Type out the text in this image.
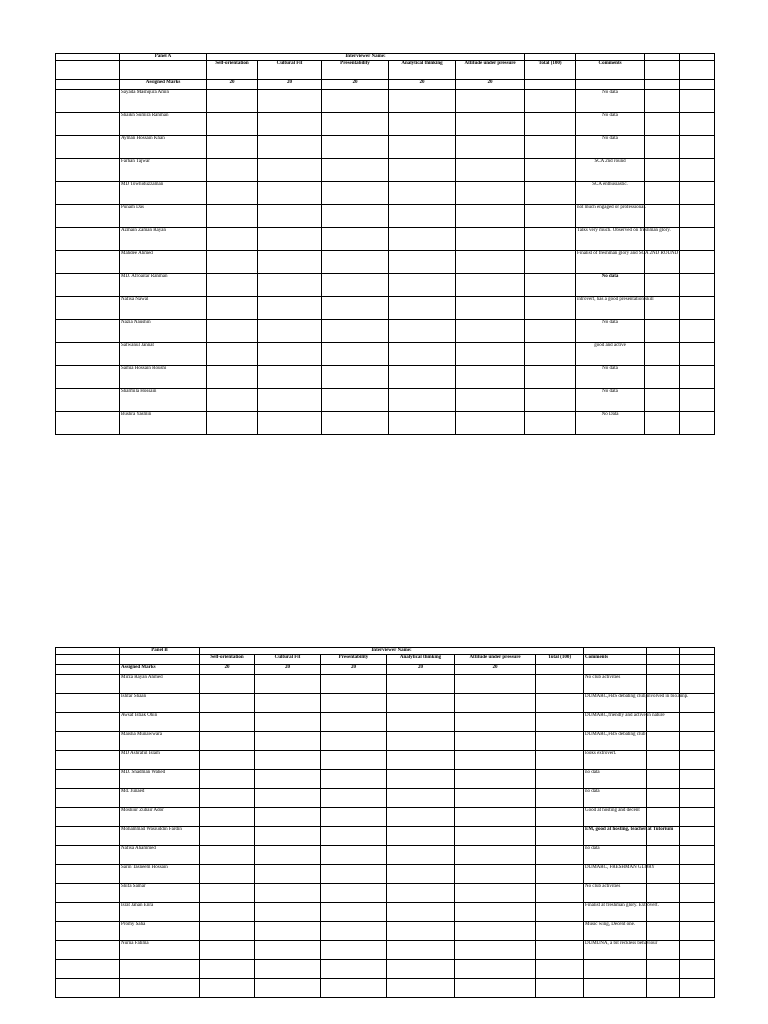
	Panel A	Interviewer Name:								
		Self-orientation	Cultural Fit	Presentability	Analytical thinking	Attitude under pressure	Total (100)	Comments		
	Assigned Marks	20	20	20	20	20				
	Sayada Mashqura Amin							No data		
	Shaikh Sumira Rahman							No data		
	Ayman Hossain Khan							No data		
	Farhan Tajwar							SCA 2nd round		
	MD Towhiduzzaman							SCA enthusiastic.		
	Punam Das							not much engaged or professional.		
	Azmain Zaman Rayan							Talks very much. Observed on freshman glory.		
	Mahdee Ahmed							Finalist of freshman glory and SCA 2ND ROUND		
	MD. Afroaitar Rahman							No data		
	Nafisa Nawal							introvert, has a good presentation skill		
	Nazia Naushin							No data		
	Safwanul Jannat							good and active		
	Samia Hossain Roushi							No data		
	Sharmila Hossain							No data		
	Bushra Yasmin							No Data		
	Panel B	Interviewer Name:								
		Self-orientation	Cultural Fit	Presentability	Analytical thinking	Attitude under pressure	Total (100)	Comments		
	Assigned Marks	20	20	20	20	20				
	Mirza Rayan Ahmed							No club activities		
	Ishfar Shaan							DUMARC,FBS debating club,involved in bio.mnp.		
	Awsaf Istiak Ohin							DUMARC,friendly and active in nature		
	Maisha Munawwara							DUMARC,FBS debating club		
	MD Ashraful Islam							looks extrovert.		
	MD. Shadman Wahed							no data		
	Md. Junaed							no data		
	Moshiur Zubair Ador							Good at hosting and decent		
	Mohammad Wasiuddin Fardin							EM, good at hosting, teacher at Tutorium		
	Nafisa Ahammed							no data		
	Sarin Tasneem Hossain							DUMARC, FRESHMAN GLORY		
	Shifa Samar							No club activities		
	Israt Jahan Enra							Finalist at freshman glory. Extrovert.		
	Promy Saha							Music wing, Decent one.		
	Nurna Fatima							DUMUNA, a bit reckless behaviour		
